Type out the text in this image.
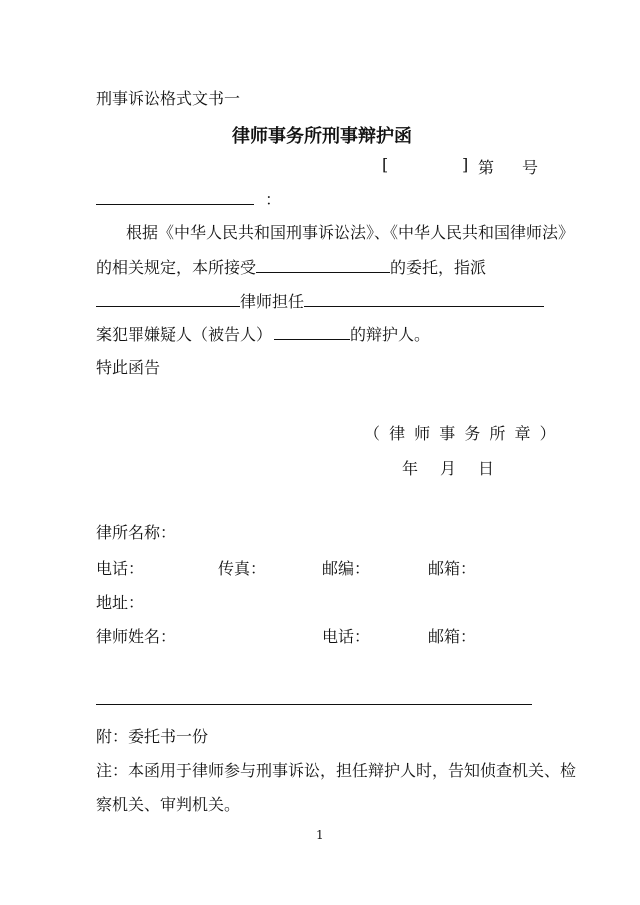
刑事诉讼格式文书一
律师事务所刑事辩护函
[	] 第 号
：
根据《中华人民共和国刑事诉讼法》、《中华人民共和国律师法》
的相关规定，本所接受	的委托，指派
律师担任
案犯罪嫌疑人（被告人）	的辩护人。
特此函告
（ 律 师 事 务 所 章 ）
年 月 日
律所名称：
电话：	传真：	邮编：	邮箱：
地址：
律师姓名：	电话：	邮箱：
附：委托书一份
注：本函用于律师参与刑事诉讼，担任辩护人时，告知侦查机关、检
察机关、审判机关。
1
